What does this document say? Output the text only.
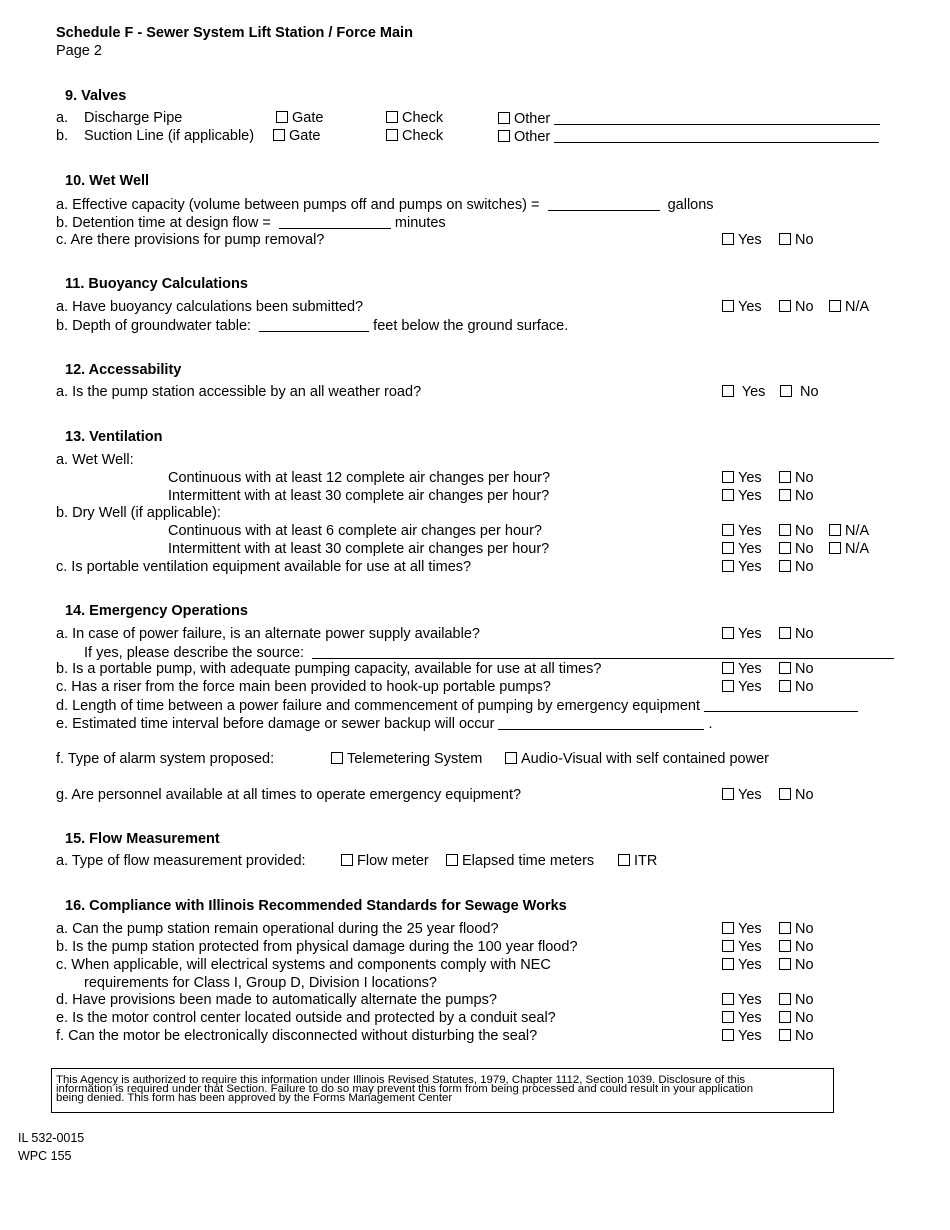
Schedule F - Sewer System Lift Station / Force Main
Page 2
9. Valves
a. Discharge Pipe	Gate	Check	Other
b. Suction Line (if applicable)	Gate	Check	Other
10. Wet Well
a. Effective capacity (volume between pumps off and pumps on switches) =	gallons
b. Detention time at design flow =	minutes
c. Are there provisions for pump removal?	Yes	No
11. Buoyancy Calculations
a. Have buoyancy calculations been submitted?	Yes	No	N/A
b. Depth of groundwater table:	feet below the ground surface.
12. Accessability
a. Is the pump station accessible by an all weather road?	Yes	No
13. Ventilation
a. Wet Well:
Continuous with at least 12 complete air changes per hour?	Yes	No
Intermittent with at least 30 complete air changes per hour?	Yes	No
b. Dry Well (if applicable):
Continuous with at least 6 complete air changes per hour?	Yes	No	N/A
Intermittent with at least 30 complete air changes per hour?	Yes	No	N/A
c. Is portable ventilation equipment available for use at all times?	Yes	No
14. Emergency Operations
a. In case of power failure, is an alternate power supply available?	Yes	No
If yes, please describe the source:
b. Is a portable pump, with adequate pumping capacity, available for use at all times?	Yes	No
c. Has a riser from the force main been provided to hook-up portable pumps?	Yes	No
d. Length of time between a power failure and commencement of pumping by emergency equipment
e. Estimated time interval before damage or sewer backup will occur	.
f. Type of alarm system proposed:	Telemetering System	Audio-Visual with self contained power
g. Are personnel available at all times to operate emergency equipment?	Yes	No
15. Flow Measurement
a. Type of flow measurement provided:	Flow meter	Elapsed time meters	ITR
16. Compliance with Illinois Recommended Standards for Sewage Works
a. Can the pump station remain operational during the 25 year flood?	Yes	No
b. Is the pump station protected from physical damage during the 100 year flood?	Yes	No
c. When applicable, will electrical systems and components comply with NEC	Yes	No
requirements for Class I, Group D, Division I locations?
d. Have provisions been made to automatically alternate the pumps?	Yes	No
e. Is the motor control center located outside and protected by a conduit seal?	Yes	No
f. Can the motor be electronically disconnected without disturbing the seal?	Yes	No
This Agency is authorized to require this information under Illinois Revised Statutes, 1979, Chapter 1112, Section 1039. Disclosure of this
information is required under that Section. Failure to do so may prevent this form from being processed and could result in your application
being denied. This form has been approved by the Forms Management Center
IL 532-0015
WPC 155
